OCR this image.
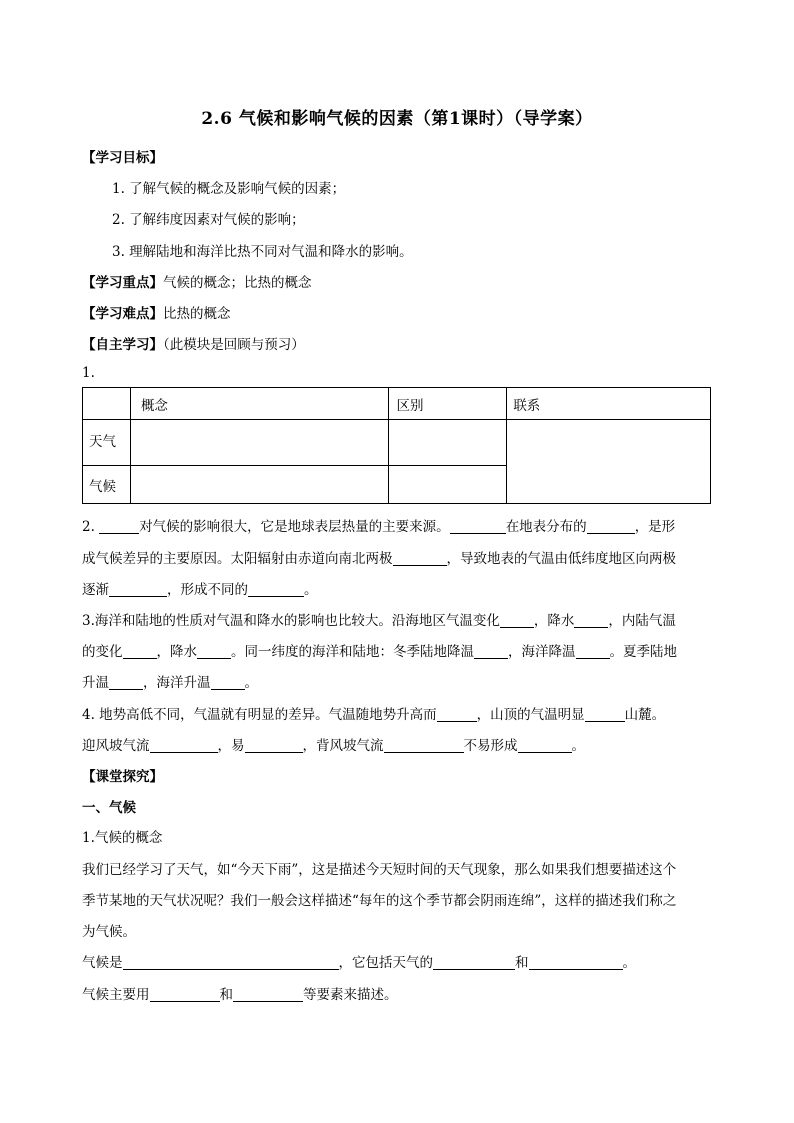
2.6 气候和影响气候的因素（第1课时）（导学案）
【学习目标】
1. 了解气候的概念及影响气候的因素；
2. 了解纬度因素对气候的影响；
3. 理解陆地和海洋比热不同对气温和降水的影响。
【学习重点】气候的概念；比热的概念
【学习难点】比热的概念
【自主学习】（此模块是回顾与预习）
1.
	概念	区别	联系
天气			
气候			
2.	对气候的影响很大，它是地球表层热量的主要来源。	在地表分布的	，是形
成气候差异的主要原因。太阳辐射由赤道向南北两极	，导致地表的气温由低纬度地区向两极
逐渐	，形成不同的	。
3.海洋和陆地的性质对气温和降水的影响也比较大。沿海地区气温变化	，降水	，内陆气温
的变化	，降水	。同一纬度的海洋和陆地：冬季陆地降温	，海洋降温	。夏季陆地
升温	，海洋升温	。
4. 地势高低不同，气温就有明显的差异。气温随地势升高而	，山顶的气温明显	山麓。
迎风坡气流	，易	，背风坡气流	不易形成	。
【课堂探究】
一、气候
1.气候的概念
我们已经学习了天气，如“今天下雨”，这是描述今天短时间的天气现象，那么如果我们想要描述这个
季节某地的天气状况呢？我们一般会这样描述“每年的这个季节都会阴雨连绵”，这样的描述我们称之
为气候。
气候是	，它包括天气的	和	。
气候主要用	和	等要素来描述。
